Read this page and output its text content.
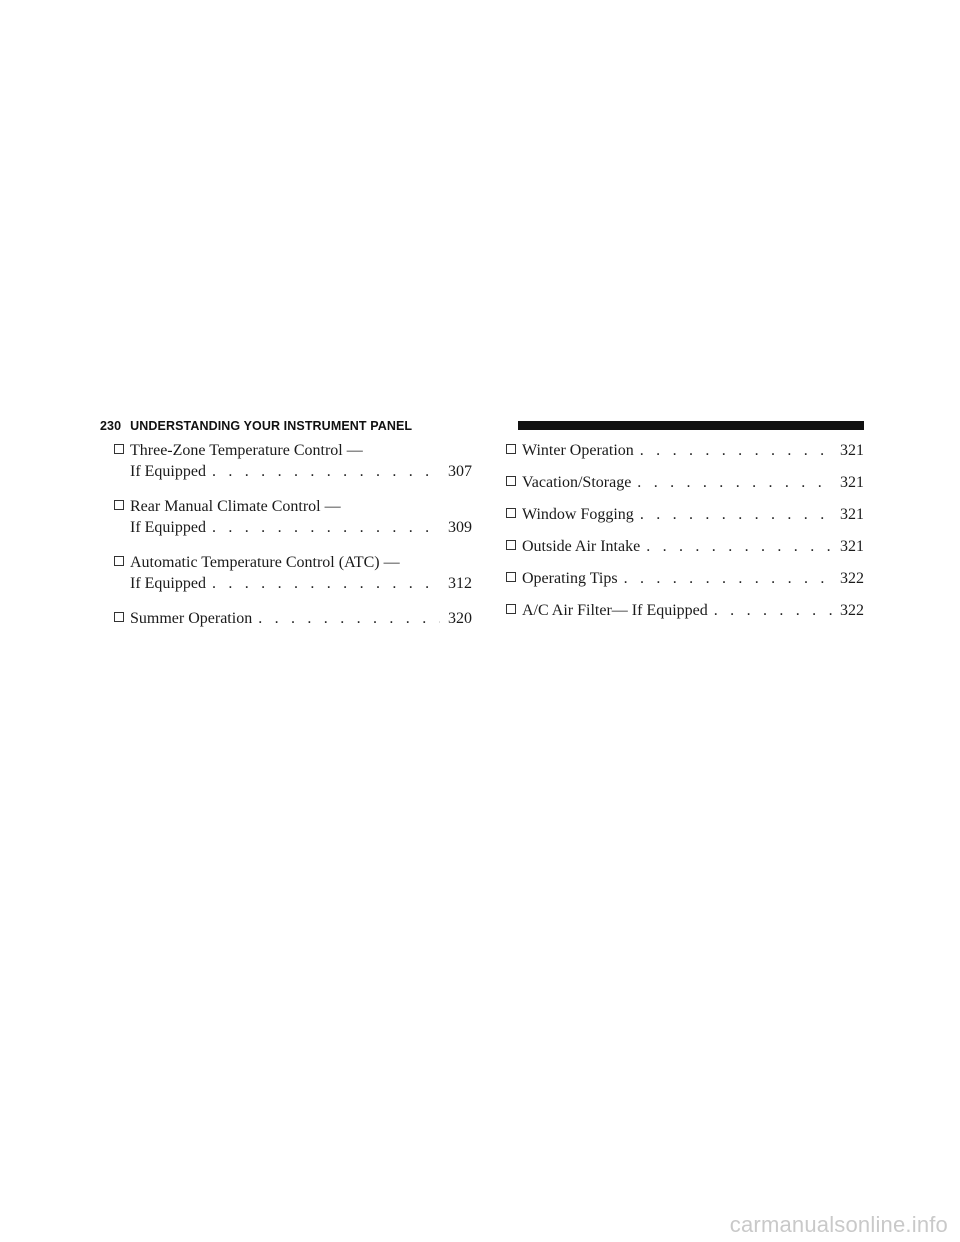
230 UNDERSTANDING YOUR INSTRUMENT PANEL
Three-Zone Temperature Control —
If Equipped . . .	307
Rear Manual Climate Control —
If Equipped . . .	309
Automatic Temperature Control (ATC) —
If Equipped . . .	312
Summer Operation . . .	320
Winter Operation . . .	321
Vacation/Storage . . .	321
Window Fogging . . .	321
Outside Air Intake . . .	321
Operating Tips . . .	322
A/C Air Filter— If Equipped . . .	322
carmanualsonline.info
